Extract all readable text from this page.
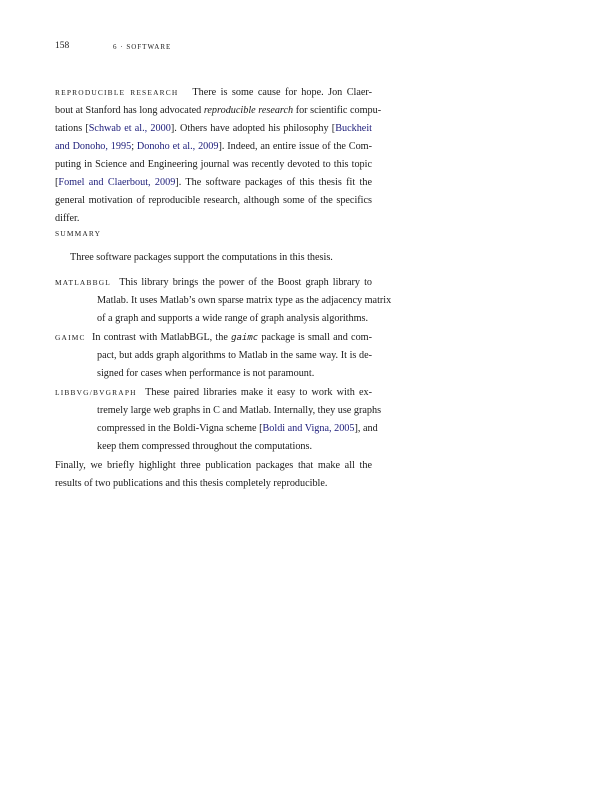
158	6 · SOFTWARE
REPRODUCIBLE RESEARCH There is some cause for hope. Jon Claer-
bout at Stanford has long advocated reproducible research for scientific compu-
tations [Schwab et al., 2000]. Others have adopted his philosophy [Buckheit
and Donoho, 1995; Donoho et al., 2009]. Indeed, an entire issue of the Com-
puting in Science and Engineering journal was recently devoted to this topic
[Fomel and Claerbout, 2009]. The software packages of this thesis fit the
general motivation of reproducible research, although some of the specifics
differ.
SUMMARY
Three software packages support the computations in this thesis.
MATLABBGL This library brings the power of the Boost graph library to
Matlab. It uses Matlab’s own sparse matrix type as the adjacency matrix
of a graph and supports a wide range of graph analysis algorithms.
GAIMC In contrast with MatlabBGL, the gaimc package is small and com-
pact, but adds graph algorithms to Matlab in the same way. It is de-
signed for cases when performance is not paramount.
LIBBVG/BVGRAPH These paired libraries make it easy to work with ex-
tremely large web graphs in C and Matlab. Internally, they use graphs
compressed in the Boldi-Vigna scheme [Boldi and Vigna, 2005], and
keep them compressed throughout the computations.
Finally, we briefly highlight three publication packages that make all the
results of two publications and this thesis completely reproducible.
